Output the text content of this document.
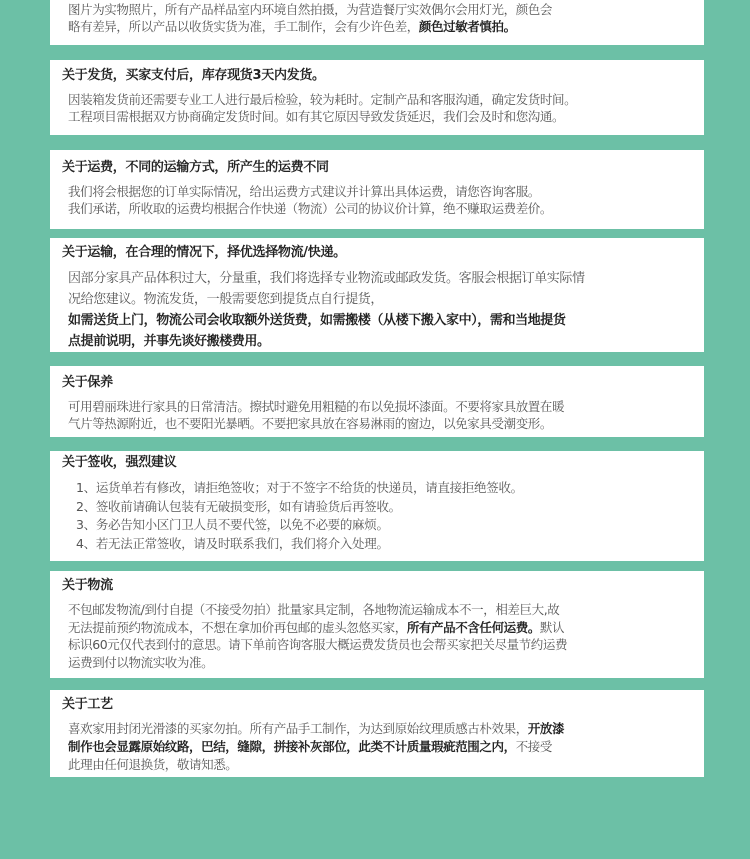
图片为实物照片，所有产品样品室内环境自然拍摄，为营造餐厅实效偶尔会用灯光，颜色会

略有差异，所以产品以收货实货为准，手工制作，会有少许色差，颜色过敏者慎拍。

关于发货，买家支付后，库存现货3天内发货。

因装箱发货前还需要专业工人进行最后检验，较为耗时。定制产品和客服沟通，确定发货时间。

工程项目需根据双方协商确定发货时间。如有其它原因导致发货延迟，我们会及时和您沟通。

关于运费，不同的运输方式，所产生的运费不同

我们将会根据您的订单实际情况，给出运费方式建议并计算出具体运费，请您咨询客服。

我们承诺，所收取的运费均根据合作快递（物流）公司的协议价计算，绝不赚取运费差价。

关于运输，在合理的情况下，择优选择物流/快递。

因部分家具产品体积过大，分量重，我们将选择专业物流或邮政发货。客服会根据订单实际情

况给您建议。物流发货，一般需要您到提货点自行提货，

如需送货上门，物流公司会收取额外送货费，如需搬楼（从楼下搬入家中），需和当地提货

点提前说明，并事先谈好搬楼费用。

关于保养

可用碧丽珠进行家具的日常清洁。擦拭时避免用粗糙的布以免损坏漆面。不要将家具放置在暖

气片等热源附近，也不要阳光暴晒。不要把家具放在容易淋雨的窗边，以免家具受潮变形。

关于签收，强烈建议
1、运货单若有修改，请拒绝签收；对于不签字不给货的快递员，请直接拒绝签收。
2、签收前请确认包装有无破损变形，如有请验货后再签收。
3、务必告知小区门卫人员不要代签，以免不必要的麻烦。
4、若无法正常签收，请及时联系我们，我们将介入处理。
关于物流

不包邮发物流/到付自提（不接受勿拍）批量家具定制，各地物流运输成本不一，相差巨大,故

无法提前预约物流成本，不想在拿加价再包邮的虚头忽悠买家，所有产品不含任何运费。默认

标识60元仅代表到付的意思。请下单前咨询客服大概运费发货员也会帮买家把关尽量节约运费

运费到付以物流实收为准。

关于工艺

喜欢家用封闭光滑漆的买家勿拍。所有产品手工制作，为达到原始纹理质感古朴效果，开放漆

制作也会显露原始纹路，巴结，缝隙，拼接补灰部位，此类不计质量瑕疵范围之内，不接受

此理由任何退换货，敬请知悉。
